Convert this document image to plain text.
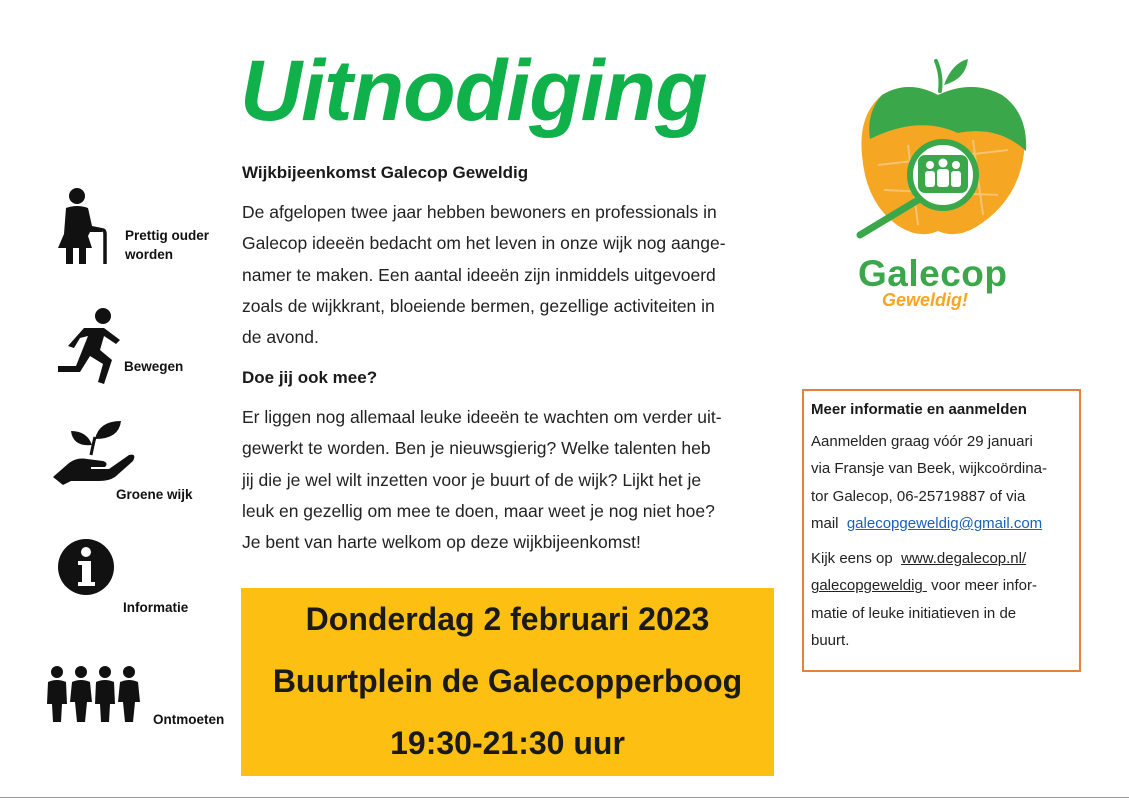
Uitnodiging
Wijkbijeenkomst Galecop Geweldig
De afgelopen twee jaar hebben bewoners en professionals in
Galecop ideeën bedacht om het leven in onze wijk nog aange-
namer te maken. Een aantal ideeën zijn inmiddels uitgevoerd
zoals de wijkkrant, bloeiende bermen, gezellige activiteiten in
de avond.
Doe jij ook mee?
Er liggen nog allemaal leuke ideeën te wachten om verder uit-
gewerkt te worden. Ben je nieuwsgierig? Welke talenten heb
jij die je wel wilt inzetten voor je buurt of de wijk? Lijkt het je
leuk en gezellig om mee te doen, maar weet je nog niet hoe?
Je bent van harte welkom op deze wijkbijeenkomst!
Prettig ouder
worden
Bewegen
Groene wijk
Informatie
Ontmoeten
Donderdag 2 februari 2023
Buurtplein de Galecopperboog
19:30-21:30 uur
Galecop
Geweldig!
Meer informatie en aanmelden
Aanmelden graag vóór 29 januari
via Fransje van Beek, wijkcoördina-
tor Galecop, 06-25719887 of via
mail  galecopgeweldig@gmail.com
Kijk eens op  www.degalecop.nl/
galecopgeweldig  voor meer infor-
matie of leuke initiatieven in de
buurt.
